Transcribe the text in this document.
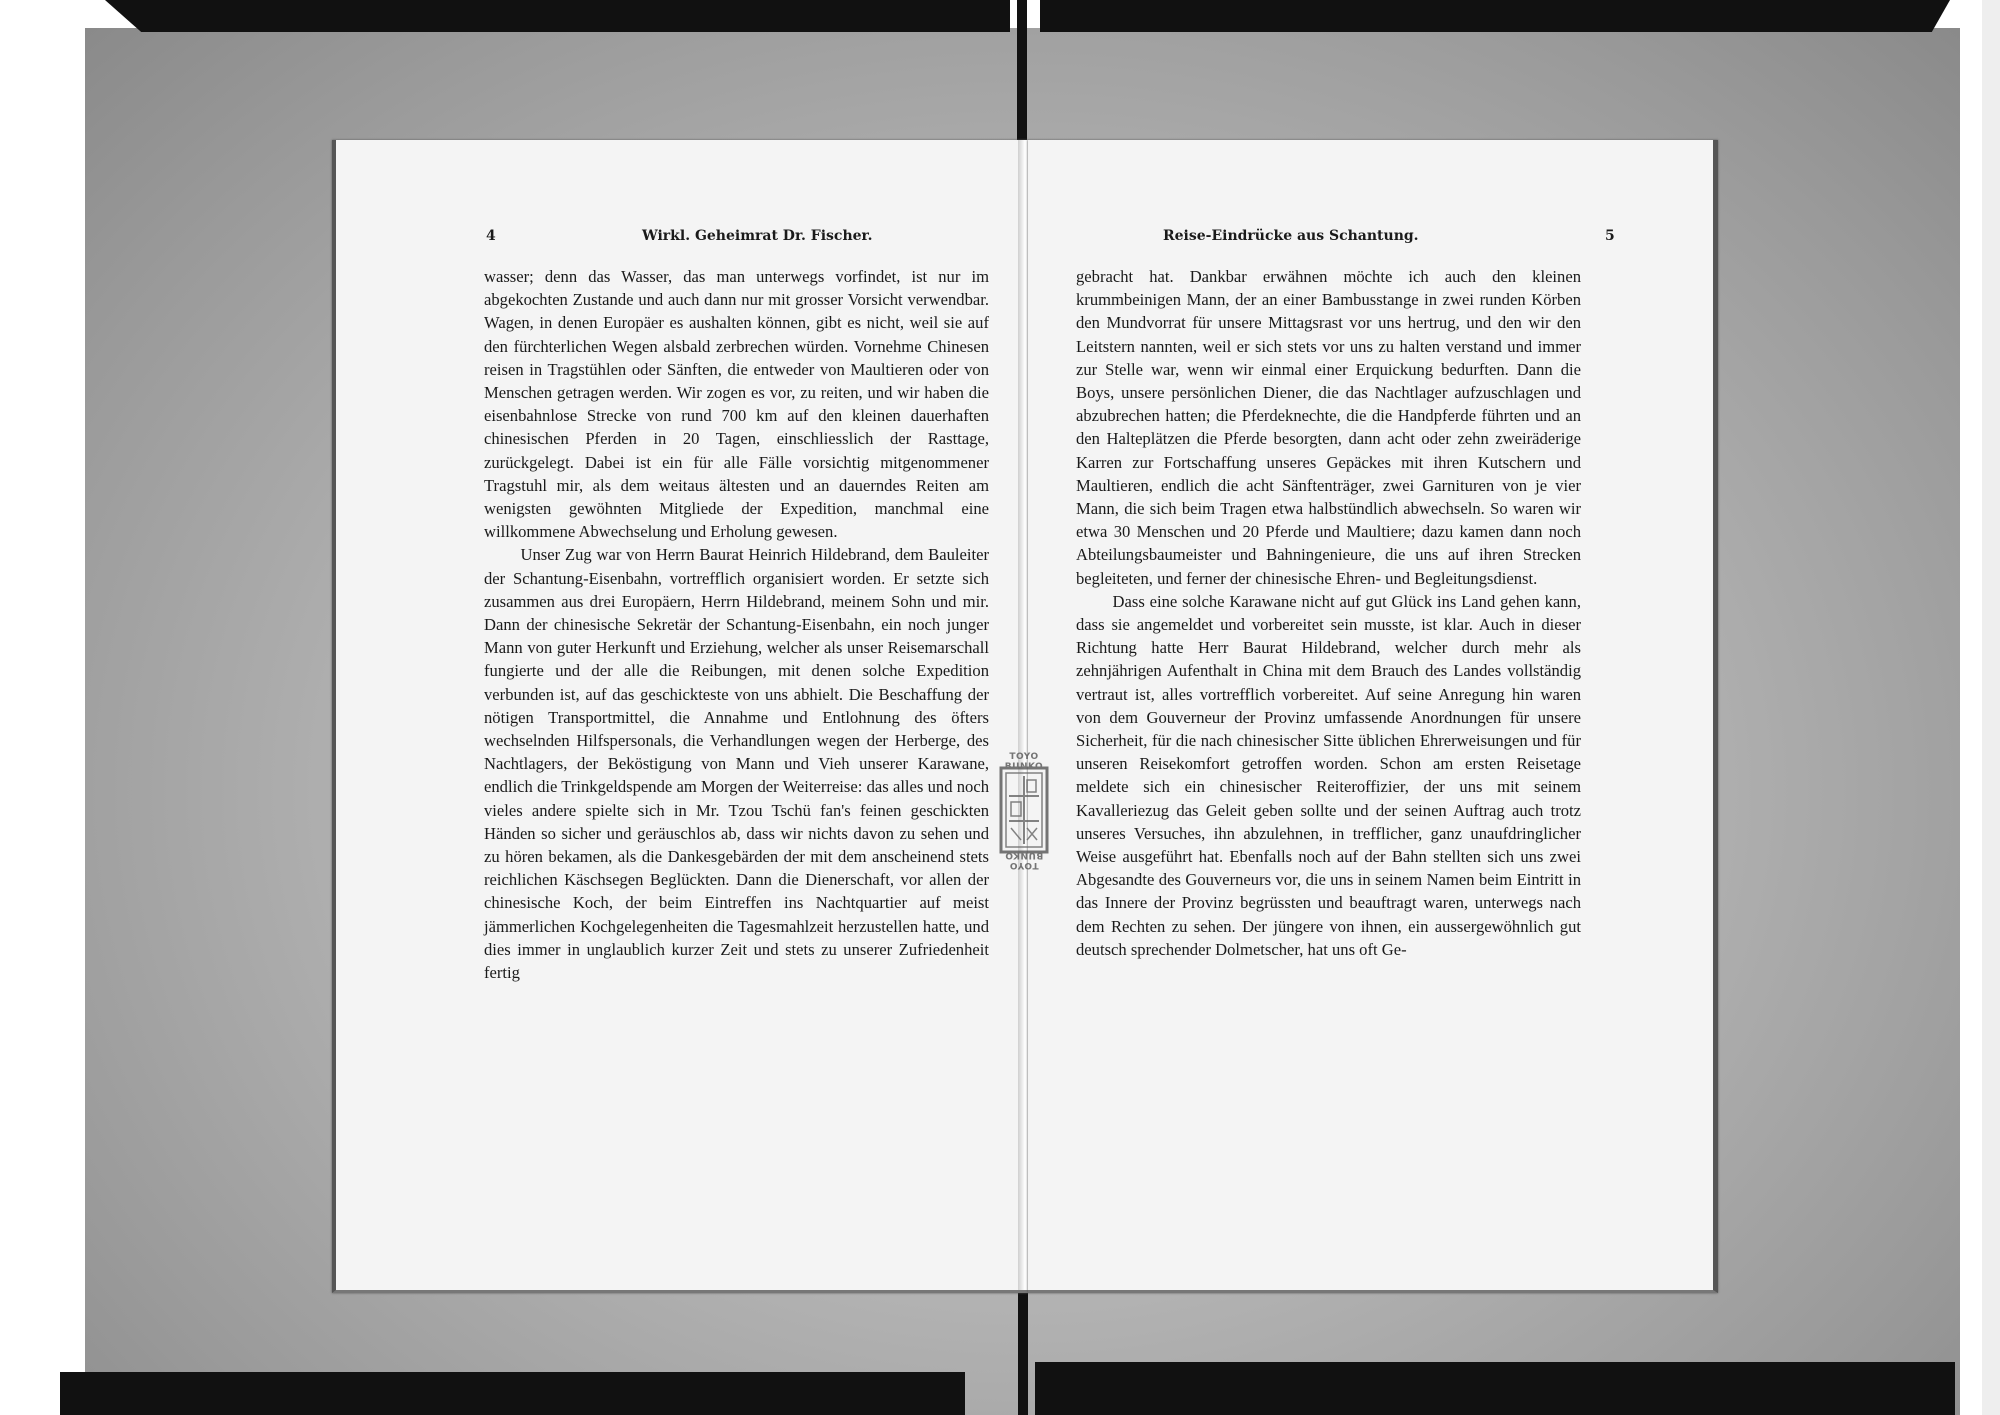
4	Wirkl. Geheimrat Dr. Fischer.

wasser; denn das Wasser, das man unterwegs vorfindet, ist nur im abgekochten Zustande und auch dann nur mit grosser Vorsicht verwendbar. Wagen, in denen Europäer es aushalten können, gibt es nicht, weil sie auf den fürchterlichen Wegen alsbald zerbrechen würden. Vornehme Chinesen reisen in Tragstühlen oder Sänften, die entweder von Maultieren oder von Menschen getragen werden. Wir zogen es vor, zu reiten, und wir haben die eisenbahnlose Strecke von rund 700 km auf den kleinen dauerhaften chinesischen Pferden in 20 Tagen, einschliesslich der Rasttage, zurückgelegt. Dabei ist ein für alle Fälle vorsichtig mitgenommener Tragstuhl mir, als dem weitaus ältesten und an dauerndes Reiten am wenigsten gewöhnten Mitgliede der Expedition, manchmal eine willkommene Abwechselung und Erholung gewesen.

Unser Zug war von Herrn Baurat Heinrich Hildebrand, dem Bauleiter der Schantung-Eisenbahn, vortrefflich organisiert worden. Er setzte sich zusammen aus drei Europäern, Herrn Hildebrand, meinem Sohn und mir. Dann der chinesische Sekretär der Schantung-Eisenbahn, ein noch junger Mann von guter Herkunft und Erziehung, welcher als unser Reisemarschall fungierte und der alle die Reibungen, mit denen solche Expedition verbunden ist, auf das geschickteste von uns abhielt. Die Beschaffung der nötigen Transportmittel, die Annahme und Entlohnung des öfters wechselnden Hilfspersonals, die Verhandlungen wegen der Herberge, des Nachtlagers, der Beköstigung von Mann und Vieh unserer Karawane, endlich die Trinkgeldspende am Morgen der Weiterreise: das alles und noch vieles andere spielte sich in Mr. Tzou Tschü fan's feinen geschickten Händen so sicher und geräuschlos ab, dass wir nichts davon zu sehen und zu hören bekamen, als die Dankesgebärden der mit dem anscheinend stets reichlichen Käschsegen Beglückten. Dann die Dienerschaft, vor allen der chinesische Koch, der beim Eintreffen ins Nachtquartier auf meist jämmerlichen Kochgelegenheiten die Tagesmahlzeit herzustellen hatte, und dies immer in unglaublich kurzer Zeit und stets zu unserer Zufriedenheit fertig

Reise-Eindrücke aus Schantung.	5

gebracht hat. Dankbar erwähnen möchte ich auch den kleinen krummbeinigen Mann, der an einer Bambusstange in zwei runden Körben den Mundvorrat für unsere Mittagsrast vor uns hertrug, und den wir den Leitstern nannten, weil er sich stets vor uns zu halten verstand und immer zur Stelle war, wenn wir einmal einer Erquickung bedurften. Dann die Boys, unsere persönlichen Diener, die das Nachtlager aufzuschlagen und abzubrechen hatten; die Pferdeknechte, die die Handpferde führten und an den Halteplätzen die Pferde besorgten, dann acht oder zehn zweiräderige Karren zur Fortschaffung unseres Gepäckes mit ihren Kutschern und Maultieren, endlich die acht Sänftenträger, zwei Garnituren von je vier Mann, die sich beim Tragen etwa halbstündlich abwechseln. So waren wir etwa 30 Menschen und 20 Pferde und Maultiere; dazu kamen dann noch Abteilungsbaumeister und Bahningenieure, die uns auf ihren Strecken begleiteten, und ferner der chinesische Ehren- und Begleitungsdienst.

Dass eine solche Karawane nicht auf gut Glück ins Land gehen kann, dass sie angemeldet und vorbereitet sein musste, ist klar. Auch in dieser Richtung hatte Herr Baurat Hildebrand, welcher durch mehr als zehnjährigen Aufenthalt in China mit dem Brauch des Landes vollständig vertraut ist, alles vortrefflich vorbereitet. Auf seine Anregung hin waren von dem Gouverneur der Provinz umfassende Anordnungen für unsere Sicherheit, für die nach chinesischer Sitte üblichen Ehrerweisungen und für unseren Reisekomfort getroffen worden. Schon am ersten Reisetage meldete sich ein chinesischer Reiteroffizier, der uns mit seinem Kavalleriezug das Geleit geben sollte und der seinen Auftrag auch trotz unseres Versuches, ihn abzulehnen, in trefflicher, ganz unaufdringlicher Weise ausgeführt hat. Ebenfalls noch auf der Bahn stellten sich uns zwei Abgesandte des Gouverneurs vor, die uns in seinem Namen beim Eintritt in das Innere der Provinz begrüssten und beauftragt waren, unterwegs nach dem Rechten zu sehen. Der jüngere von ihnen, ein aussergewöhnlich gut deutsch sprechender Dolmetscher, hat uns oft Ge-

TOYO BUNKO
TOYO BUNKO
